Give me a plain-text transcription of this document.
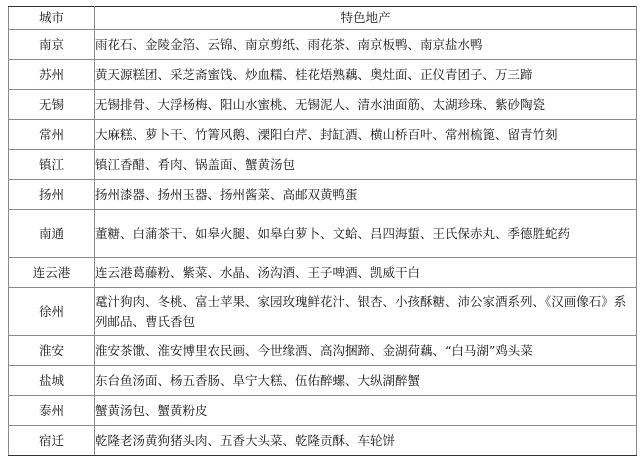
城市	特色地产
南京	雨花石、金陵金箔、云锦、南京剪纸、雨花茶、南京板鸭、南京盐水鸭
苏州	黄天源糕团、采芝斋蜜饯、炒血糯、桂花焐熟藕、奥灶面、正仪青团子、万三蹄
无锡	无锡排骨、大浮杨梅、阳山水蜜桃、无锡泥人、清水油面筋、太湖珍珠、紫砂陶瓷
常州	大麻糕、萝卜干、竹箐风鹅、溧阳白芹、封缸酒、横山桥百叶、常州梳篦、留青竹刻
镇江	镇江香醋、肴肉、锅盖面、蟹黄汤包
扬州	扬州漆器、扬州玉器、扬州酱菜、高邮双黄鸭蛋
南通	董糖、白蒲茶干、如皋火腿、如皋白萝卜、文蛤、吕四海蜇、王氏保赤丸、季德胜蛇药
连云港	连云港葛藤粉、紫菜、水晶、汤沟酒、王子啤酒、凯威干白
徐州	鼋汁狗肉、冬桃、富士苹果、家园玫瑰鲜花汁、银杏、小孩酥糖、沛公家酒系列、《汉画像石》系列邮品、曹氏香包
淮安	淮安茶馓、淮安博里农民画、今世缘酒、高沟捆蹄、金湖荷藕、“白马湖”鸡头菜
盐城	东台鱼汤面、杨五香肠、阜宁大糕、伍佑醉螺、大纵湖醉蟹
泰州	蟹黄汤包、蟹黄粉皮
宿迁	乾隆老汤黄狗猪头肉、五香大头菜、乾隆贡酥、车轮饼
